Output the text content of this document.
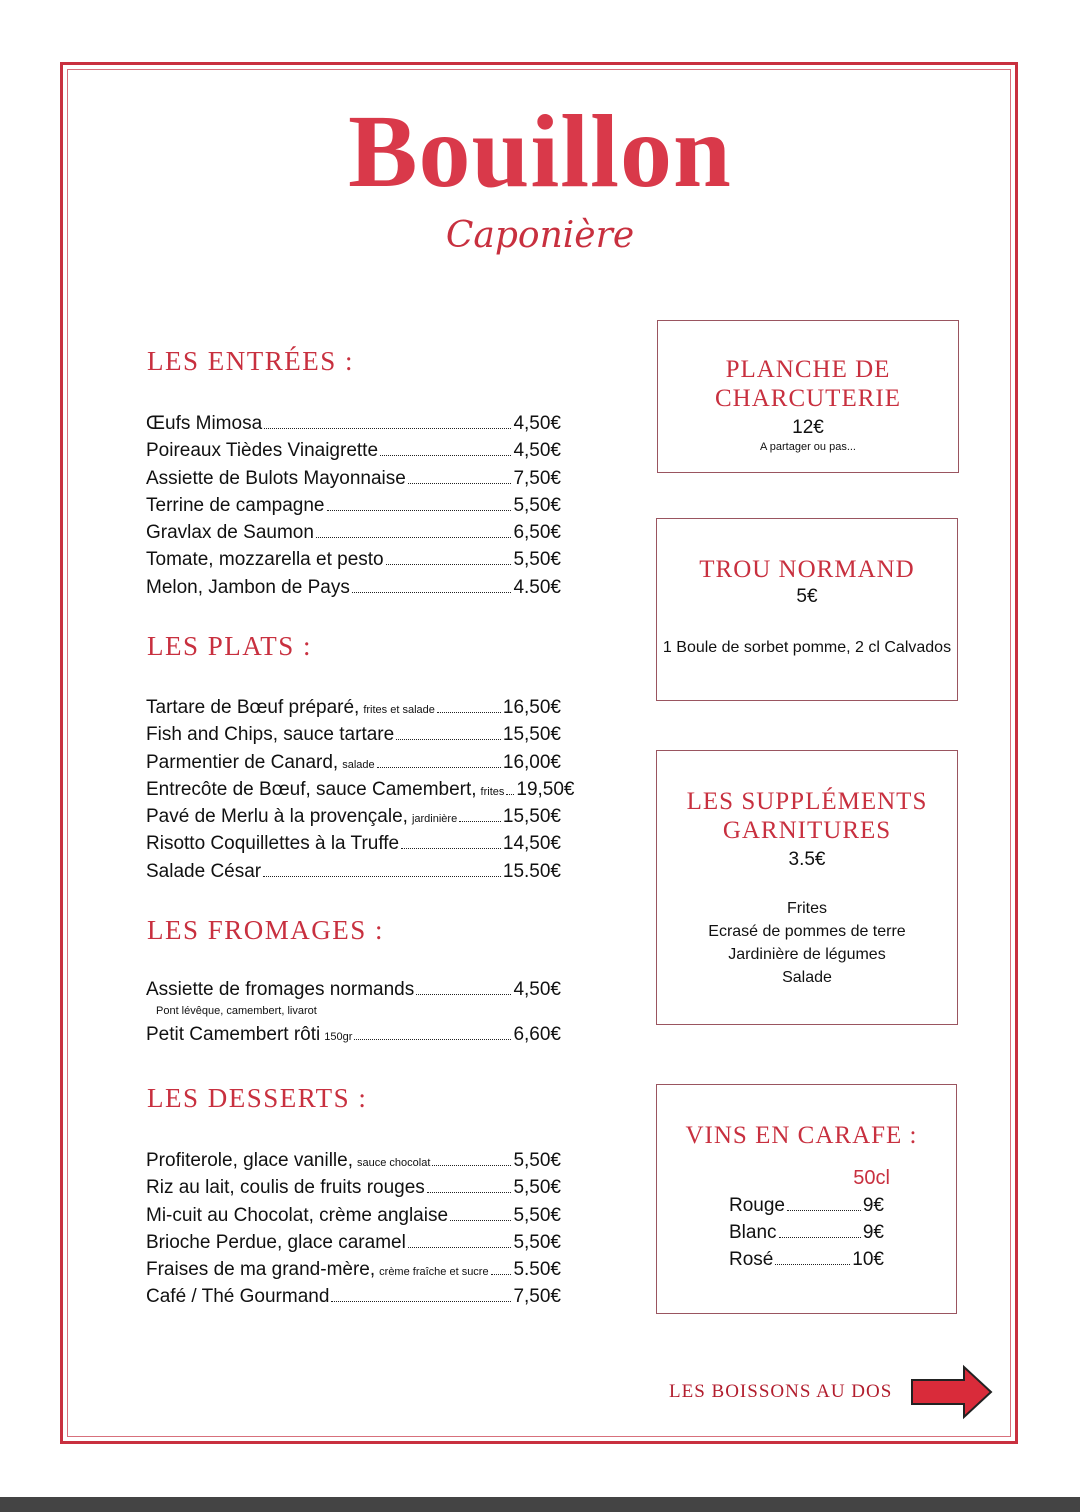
Bouillon
Caponière
LES ENTRÉES :
Œufs Mimosa	4,50€
Poireaux Tièdes Vinaigrette	4,50€
Assiette de Bulots Mayonnaise	7,50€
Terrine de campagne	5,50€
Gravlax de Saumon	6,50€
Tomate, mozzarella et pesto	5,50€
Melon, Jambon de Pays	4.50€
LES PLATS :
Tartare de Bœuf préparé, frites et salade	16,50€
Fish and Chips, sauce tartare	15,50€
Parmentier de Canard, salade	16,00€
Entrecôte de Bœuf, sauce Camembert, frites 19,50€
Pavé de Merlu à la provençale, jardinière 15,50€
Risotto Coquillettes à la Truffe	14,50€
Salade César	15.50€
LES FROMAGES :
Assiette de fromages normands	4,50€
Pont lévêque, camembert, livarot
Petit Camembert rôti 150gr	6,60€
LES DESSERTS :
Profiterole, glace vanille, sauce chocolat	5,50€
Riz au lait, coulis de fruits rouges	5,50€
Mi-cuit au Chocolat, crème anglaise	5,50€
Brioche Perdue, glace caramel	5,50€
Fraises de ma grand-mère, crème fraîche et sucre 5.50€
Café / Thé Gourmand	7,50€
PLANCHE DE CHARCUTERIE
12€
A partager ou pas...
TROU NORMAND
5€
1 Boule de sorbet pomme, 2 cl Calvados
LES SUPPLÉMENTS GARNITURES
3.5€
Frites
Ecrasé de pommes de terre
Jardinière de légumes
Salade
VINS EN CARAFE :
50cl
Rouge	9€
Blanc	9€
Rosé	10€
LES BOISSONS AU DOS
